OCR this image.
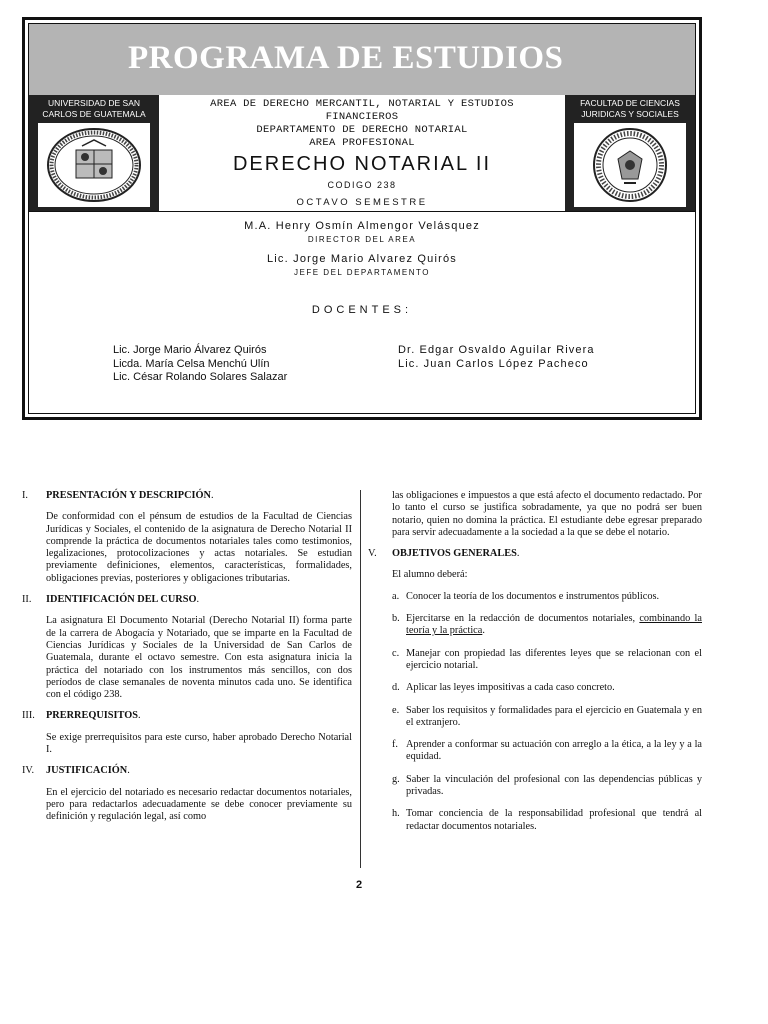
PROGRAMA DE ESTUDIOS
UNIVERSIDAD DE SAN
CARLOS DE GUATEMALA
AREA DE DERECHO MERCANTIL, NOTARIAL Y ESTUDIOS
FINANCIEROS
DEPARTAMENTO DE DERECHO NOTARIAL
AREA PROFESIONAL
DERECHO NOTARIAL II
CODIGO 238
OCTAVO SEMESTRE
FACULTAD DE CIENCIAS
JURIDICAS Y SOCIALES
M.A. Henry Osmín Almengor Velásquez
DIRECTOR DEL AREA
Lic. Jorge Mario Alvarez Quirós
JEFE DEL DEPARTAMENTO
DOCENTES:
Lic. Jorge Mario Álvarez Quirós
Licda. María Celsa Menchú Ulín
Lic. César Rolando Solares Salazar
Dr. Edgar Osvaldo Aguilar Rivera
Lic. Juan Carlos López Pacheco
I. PRESENTACIÓN Y DESCRIPCIÓN.
De conformidad con el pénsum de estudios de la Facultad de Ciencias Jurídicas y Sociales, el contenido de la asignatura de Derecho Notarial II comprende la práctica de documentos notariales tales como testimonios, legalizaciones, protocolizaciones y actas notariales. Se estudian previamente definiciones, elementos, características, formalidades, obligaciones previas, posteriores y obligaciones tributarias.
II. IDENTIFICACIÓN DEL CURSO.
La asignatura El Documento Notarial (Derecho Notarial II) forma parte de la carrera de Abogacía y Notariado, que se imparte en la Facultad de Ciencias Jurídicas y Sociales de la Universidad de San Carlos de Guatemala, durante el octavo semestre. Con esta asignatura inicia la práctica del notariado con los instrumentos más sencillos, con dos períodos de clase semanales de noventa minutos cada uno. Se identifica con el código 238.
III. PRERREQUISITOS.
Se exige prerrequisitos para este curso, haber aprobado Derecho Notarial I.
IV. JUSTIFICACIÓN.
En el ejercicio del notariado es necesario redactar documentos notariales, pero para redactarlos adecuadamente se debe conocer previamente su definición y regulación legal, así como
las obligaciones e impuestos a que está afecto el documento redactado. Por lo tanto el curso se justifica sobradamente, ya que no podrá ser buen notario, quien no domina la práctica. El estudiante debe egresar preparado para servir adecuadamente a la sociedad a la que se debe el notario.
V. OBJETIVOS GENERALES.
El alumno deberá:
a. Conocer la teoría de los documentos e instrumentos públicos.
b. Ejercitarse en la redacción de documentos notariales, combinando la teoría y la práctica.
c. Manejar con propiedad las diferentes leyes que se relacionan con el ejercicio notarial.
d. Aplicar las leyes impositivas a cada caso concreto.
e. Saber los requisitos y formalidades para el ejercicio en Guatemala y en el extranjero.
f. Aprender a conformar su actuación con arreglo a la ética, a la ley y a la equidad.
g. Saber la vinculación del profesional con las dependencias públicas y privadas.
h. Tomar conciencia de la responsabilidad profesional que tendrá al redactar documentos notariales.
2
